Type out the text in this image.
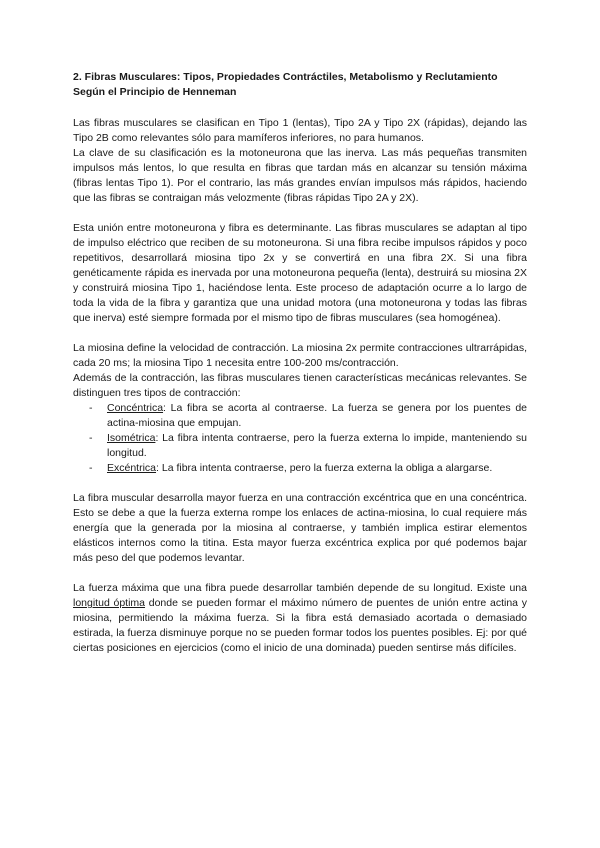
2. Fibras Musculares: Tipos, Propiedades Contráctiles, Metabolismo y Reclutamiento Según el Principio de Henneman

Las fibras musculares se clasifican en Tipo 1 (lentas), Tipo 2A y Tipo 2X (rápidas), dejando las Tipo 2B como relevantes sólo para mamíferos inferiores, no para humanos.

La clave de su clasificación es la motoneurona que las inerva. Las más pequeñas transmiten impulsos más lentos, lo que resulta en fibras que tardan más en alcanzar su tensión máxima (fibras lentas Tipo 1). Por el contrario, las más grandes envían impulsos más rápidos, haciendo que las fibras se contraigan más velozmente (fibras rápidas Tipo 2A y 2X).

Esta unión entre motoneurona y fibra es determinante. Las fibras musculares se adaptan al tipo de impulso eléctrico que reciben de su motoneurona. Si una fibra recibe impulsos rápidos y poco repetitivos, desarrollará miosina tipo 2x y se convertirá en una fibra 2X. Si una fibra genéticamente rápida es inervada por una motoneurona pequeña (lenta), destruirá su miosina 2X y construirá miosina Tipo 1, haciéndose lenta. Este proceso de adaptación ocurre a lo largo de toda la vida de la fibra y garantiza que una unidad motora (una motoneurona y todas las fibras que inerva) esté siempre formada por el mismo tipo de fibras musculares (sea homogénea).

La miosina define la velocidad de contracción. La miosina 2x permite contracciones ultrarrápidas, cada 20 ms; la miosina Tipo 1 necesita entre 100-200 ms/contracción.

Además de la contracción, las fibras musculares tienen características mecánicas relevantes. Se distinguen tres tipos de contracción:

- Concéntrica: La fibra se acorta al contraerse. La fuerza se genera por los puentes de actina-miosina que empujan.
- Isométrica: La fibra intenta contraerse, pero la fuerza externa lo impide, manteniendo su longitud.
- Excéntrica: La fibra intenta contraerse, pero la fuerza externa la obliga a alargarse.

La fibra muscular desarrolla mayor fuerza en una contracción excéntrica que en una concéntrica. Esto se debe a que la fuerza externa rompe los enlaces de actina-miosina, lo cual requiere más energía que la generada por la miosina al contraerse, y también implica estirar elementos elásticos internos como la titina. Esta mayor fuerza excéntrica explica por qué podemos bajar más peso del que podemos levantar.

La fuerza máxima que una fibra puede desarrollar también depende de su longitud. Existe una longitud óptima donde se pueden formar el máximo número de puentes de unión entre actina y miosina, permitiendo la máxima fuerza. Si la fibra está demasiado acortada o demasiado estirada, la fuerza disminuye porque no se pueden formar todos los puentes posibles. Ej: por qué ciertas posiciones en ejercicios (como el inicio de una dominada) pueden sentirse más difíciles.
